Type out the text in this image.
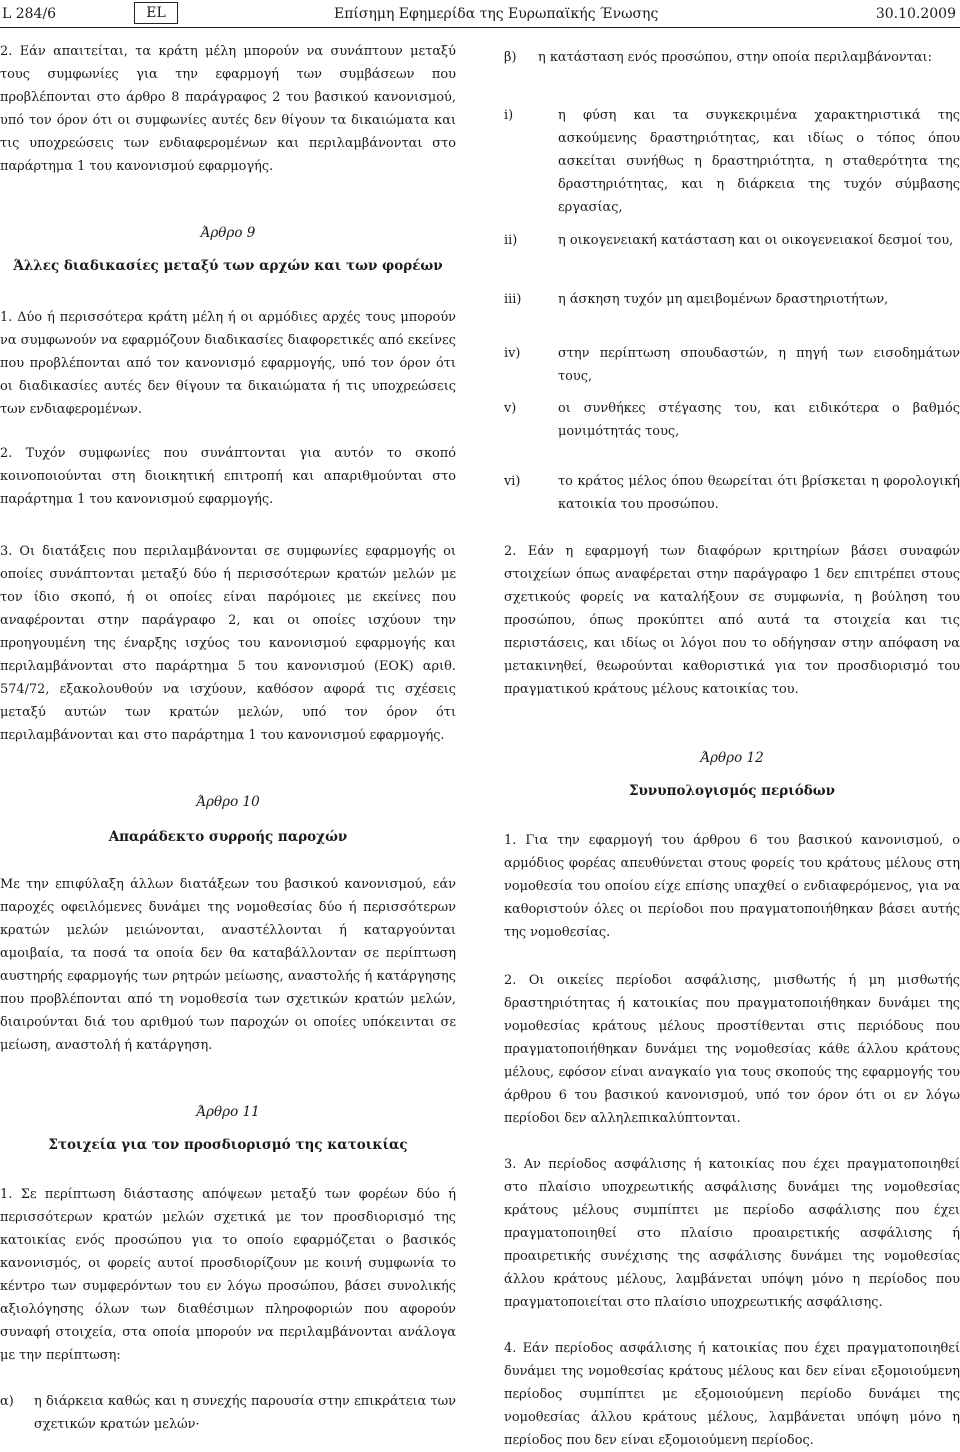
L 284/6	EL	Επίσημη Εφημερίδα της Ευρωπαϊκής Ένωσης	30.10.2009

2. Εάν απαιτείται, τα κράτη μέλη μπορούν να συνάπτουν μεταξύ τους συμφωνίες για την εφαρμογή των συμβάσεων που προβλέπονται στο άρθρο 8 παράγραφος 2 του βασικού κανονισμού, υπό τον όρον ότι οι συμφωνίες αυτές δεν θίγουν τα δικαιώματα και τις υποχρεώσεις των ενδιαφερομένων και περιλαμβάνονται στο παράρτημα 1 του κανονισμού εφαρμογής.

Άρθρο 9
Άλλες διαδικασίες μεταξύ των αρχών και των φορέων

1. Δύο ή περισσότερα κράτη μέλη ή οι αρμόδιες αρχές τους μπορούν να συμφωνούν να εφαρμόζουν διαδικασίες διαφορετικές από εκείνες που προβλέπονται από τον κανονισμό εφαρμογής, υπό τον όρον ότι οι διαδικασίες αυτές δεν θίγουν τα δικαιώματα ή τις υποχρεώσεις των ενδιαφερομένων.

2. Τυχόν συμφωνίες που συνάπτονται για αυτόν το σκοπό κοινοποιούνται στη διοικητική επιτροπή και απαριθμούνται στο παράρτημα 1 του κανονισμού εφαρμογής.

β) η κατάσταση ενός προσώπου, στην οποία περιλαμβάνονται:
i)	η φύση και τα συγκεκριμένα χαρακτηριστικά της ασκούμενης δραστηριότητας, και ιδίως ο τόπος όπου ασκείται συνήθως η δραστηριότητα, η σταθερότητα της δραστηριότητας, και η διάρκεια της τυχόν σύμβασης εργασίας,
ii)	η οικογενειακή κατάσταση και οι οικογενειακοί δεσμοί του,
iii)	η άσκηση τυχόν μη αμειβομένων δραστηριοτήτων,
iv)	στην περίπτωση σπουδαστών, η πηγή των εισοδημάτων τους,
v)	οι συνθήκες στέγασης του, και ειδικότερα ο βαθμός μονιμότητάς τους,
vi)	το κράτος μέλος όπου θεωρείται ότι βρίσκεται η φορολογική κατοικία του προσώπου.

3. Οι διατάξεις που περιλαμβάνονται σε συμφωνίες εφαρμογής οι οποίες συνάπτονται μεταξύ δύο ή περισσότερων κρατών μελών με τον ίδιο σκοπό, ή οι οποίες είναι παρόμοιες με εκείνες που αναφέρονται στην παράγραφο 2, και οι οποίες ισχύουν την προηγουμένη της έναρξης ισχύος του κανονισμού εφαρμογής και περιλαμβάνονται στο παράρτημα 5 του κανονισμού (ΕΟΚ) αριθ. 574/72, εξακολουθούν να ισχύουν, καθόσον αφορά τις σχέσεις μεταξύ αυτών των κρατών μελών, υπό τον όρον ότι περιλαμβάνονται και στο παράρτημα 1 του κανονισμού εφαρμογής.

Άρθρο 10
Απαράδεκτο συρροής παροχών

Με την επιφύλαξη άλλων διατάξεων του βασικού κανονισμού, εάν παροχές οφειλόμενες δυνάμει της νομοθεσίας δύο ή περισσότερων κρατών μελών μειώνονται, αναστέλλονται ή καταργούνται αμοιβαία, τα ποσά τα οποία δεν θα καταβάλλονταν σε περίπτωση αυστηρής εφαρμογής των ρητρών μείωσης, αναστολής ή κατάργησης που προβλέπονται από τη νομοθεσία των σχετικών κρατών μελών, διαιρούνται διά του αριθμού των παροχών οι οποίες υπόκεινται σε μείωση, αναστολή ή κατάργηση.

Άρθρο 11
Στοιχεία για τον προσδιορισμό της κατοικίας

1. Σε περίπτωση διάστασης απόψεων μεταξύ των φορέων δύο ή περισσότερων κρατών μελών σχετικά με τον προσδιορισμό της κατοικίας ενός προσώπου για το οποίο εφαρμόζεται ο βασικός κανονισμός, οι φορείς αυτοί προσδιορίζουν με κοινή συμφωνία το κέντρο των συμφερόντων του εν λόγω προσώπου, βάσει συνολικής αξιολόγησης όλων των διαθέσιμων πληροφοριών που αφορούν συναφή στοιχεία, στα οποία μπορούν να περιλαμβάνονται ανάλογα με την περίπτωση:

α) η διάρκεια καθώς και η συνεχής παρουσία στην επικράτεια των σχετικών κρατών μελών·

2. Εάν η εφαρμογή των διαφόρων κριτηρίων βάσει συναφών στοιχείων όπως αναφέρεται στην παράγραφο 1 δεν επιτρέπει στους σχετικούς φορείς να καταλήξουν σε συμφωνία, η βούληση του προσώπου, όπως προκύπτει από αυτά τα στοιχεία και τις περιστάσεις, και ιδίως οι λόγοι που το οδήγησαν στην απόφαση να μετακινηθεί, θεωρούνται καθοριστικά για τον προσδιορισμό του πραγματικού κράτους μέλους κατοικίας του.

Άρθρο 12
Συνυπολογισμός περιόδων

1. Για την εφαρμογή του άρθρου 6 του βασικού κανονισμού, ο αρμόδιος φορέας απευθύνεται στους φορείς του κράτους μέλους στη νομοθεσία του οποίου είχε επίσης υπαχθεί ο ενδιαφερόμενος, για να καθοριστούν όλες οι περίοδοι που πραγματοποιήθηκαν βάσει αυτής της νομοθεσίας.

2. Οι οικείες περίοδοι ασφάλισης, μισθωτής ή μη μισθωτής δραστηριότητας ή κατοικίας που πραγματοποιήθηκαν δυνάμει της νομοθεσίας κράτους μέλους προστίθενται στις περιόδους που πραγματοποιήθηκαν δυνάμει της νομοθεσίας κάθε άλλου κράτους μέλους, εφόσον είναι αναγκαίο για τους σκοπούς της εφαρμογής του άρθρου 6 του βασικού κανονισμού, υπό τον όρον ότι οι εν λόγω περίοδοι δεν αλληλεπικαλύπτονται.

3. Αν περίοδος ασφάλισης ή κατοικίας που έχει πραγματοποιηθεί στο πλαίσιο υποχρεωτικής ασφάλισης δυνάμει της νομοθεσίας κράτους μέλους συμπίπτει με περίοδο ασφάλισης που έχει πραγματοποιηθεί στο πλαίσιο προαιρετικής ασφάλισης ή προαιρετικής συνέχισης της ασφάλισης δυνάμει της νομοθεσίας άλλου κράτους μέλους, λαμβάνεται υπόψη μόνο η περίοδος που πραγματοποιείται στο πλαίσιο υποχρεωτικής ασφάλισης.

4. Εάν περίοδος ασφάλισης ή κατοικίας που έχει πραγματοποιηθεί δυνάμει της νομοθεσίας κράτους μέλους και δεν είναι εξομοιούμενη περίοδος συμπίπτει με εξομοιούμενη περίοδο δυνάμει της νομοθεσίας άλλου κράτους μέλους, λαμβάνεται υπόψη μόνο η περίοδος που δεν είναι εξομοιούμενη περίοδος.
